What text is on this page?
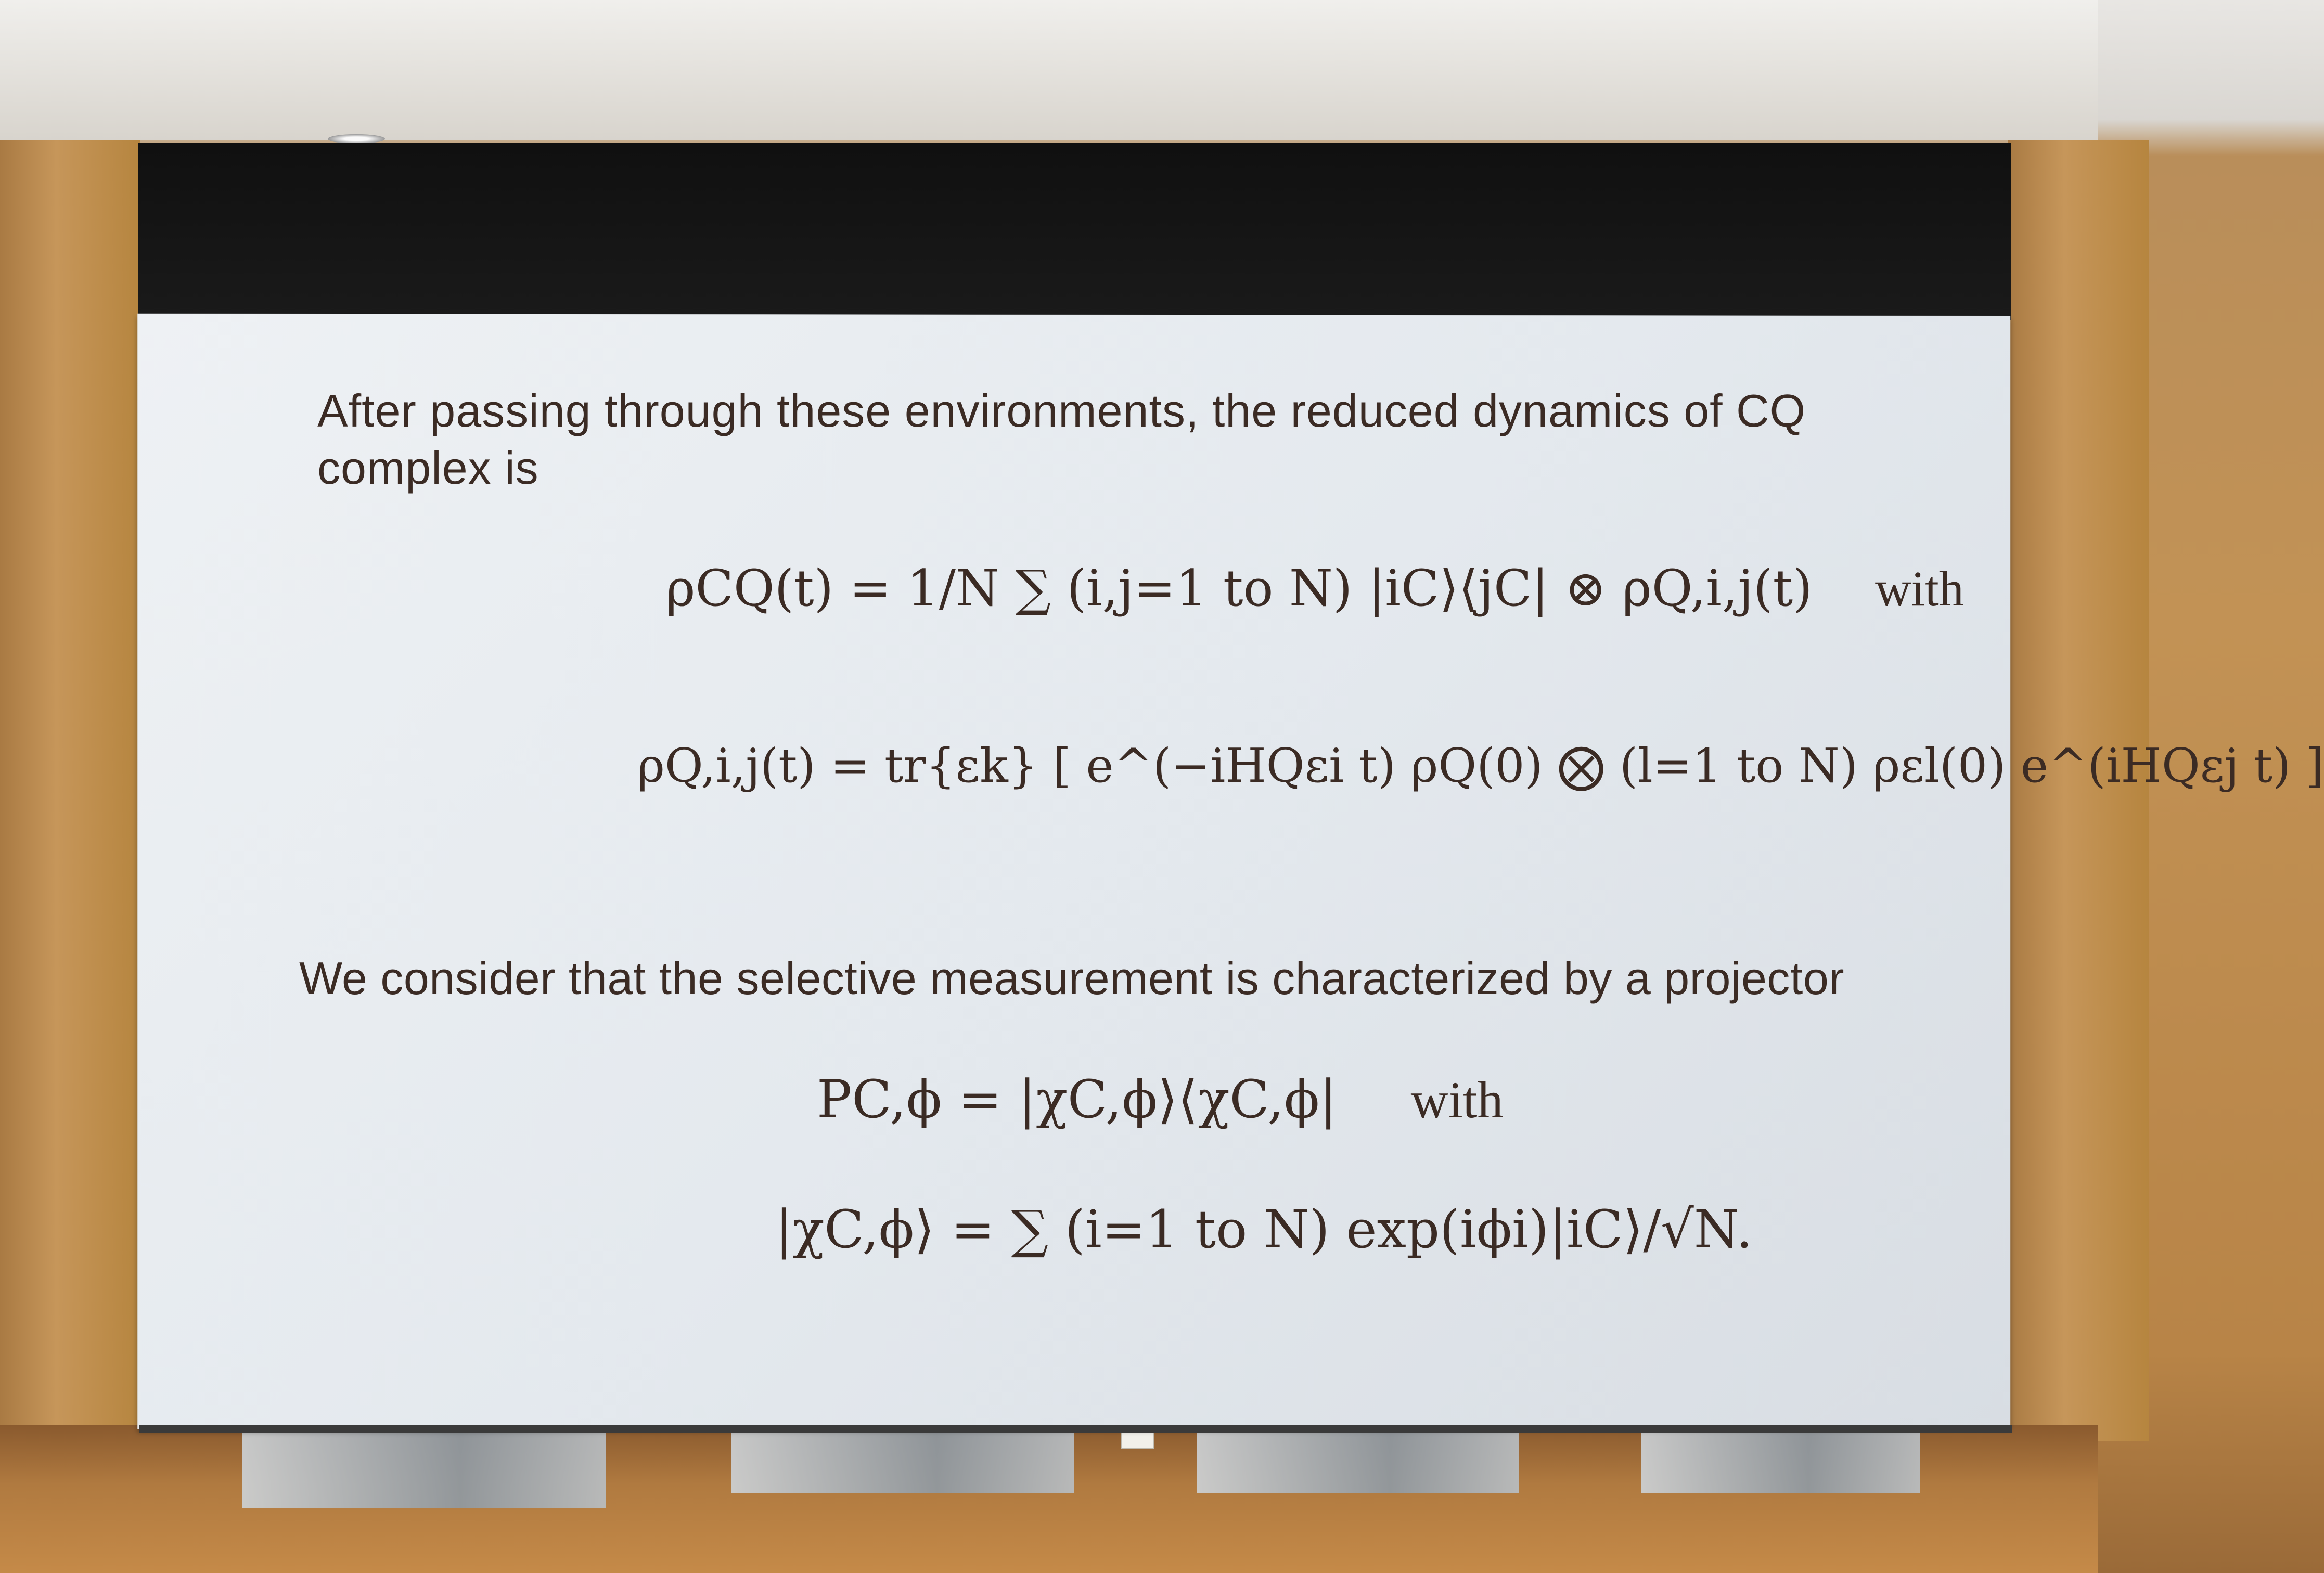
After passing through these environments, the reduced dynamics of CQ
complex is
ρCQ(t) = 1/N ∑ (i,j=1 to N) |iC⟩⟨jC| ⊗ ρQ,i,j(t) with
ρQ,i,j(t) = tr{εk} [ e^(−iHQεi t) ρQ(0) ⨂ (l=1 to N) ρεl(0) e^(iHQεj t) ]
We consider that the selective measurement is characterized by a projector
PC,ϕ = |χC,ϕ⟩⟨χC,ϕ| with
|χC,ϕ⟩ = ∑ (i=1 to N) exp(iϕi)|iC⟩/√N.
